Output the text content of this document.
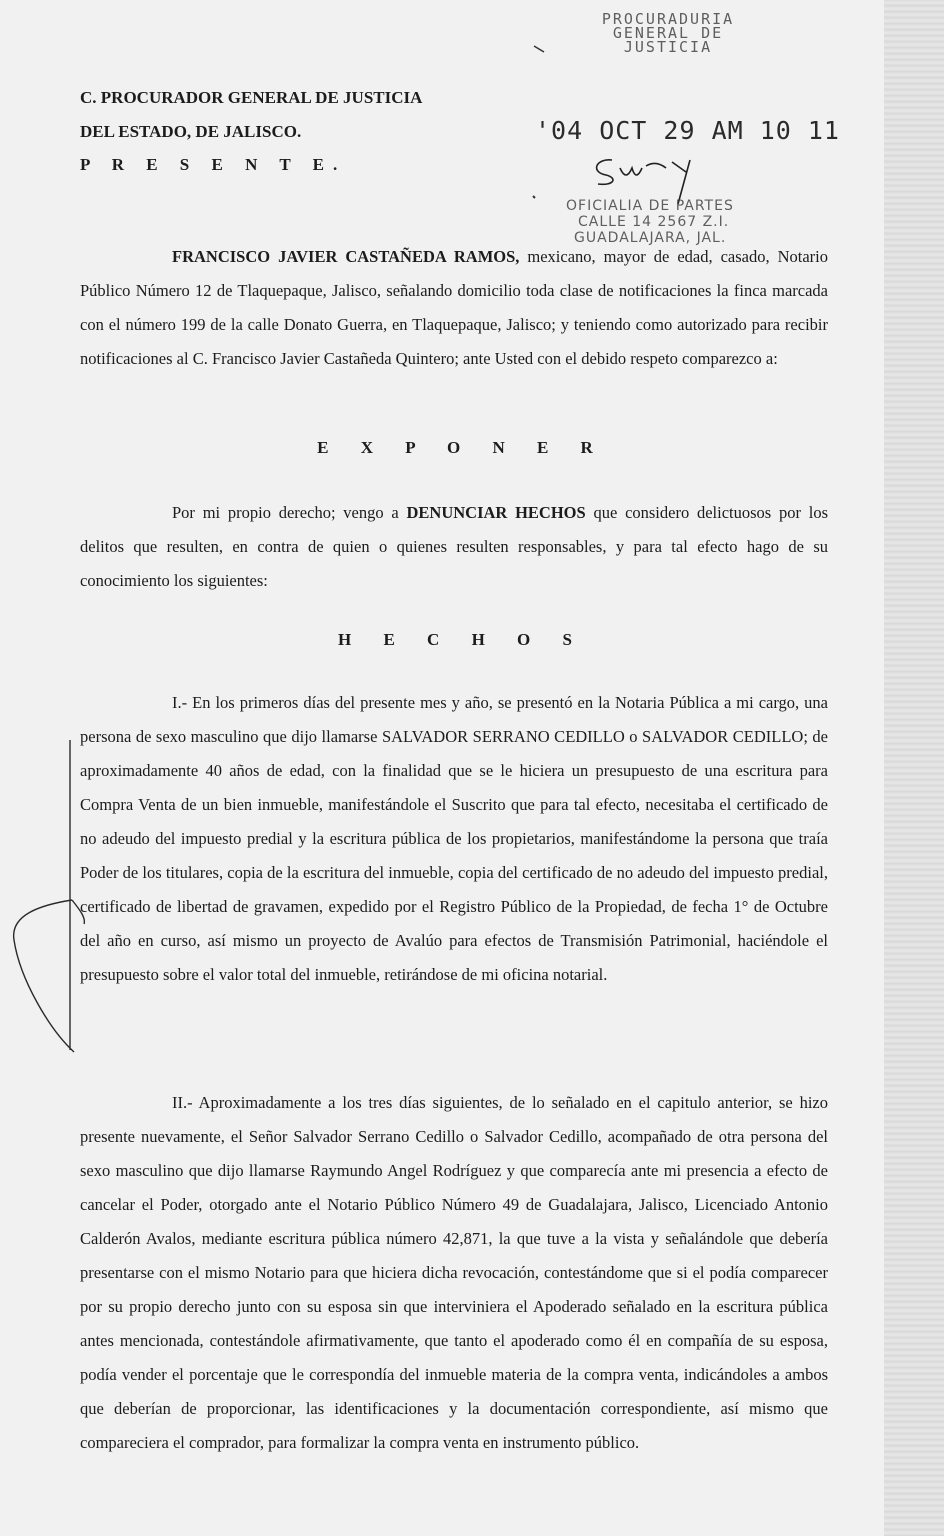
PROCURADURIA
GENERAL DE
JUSTICIA
C. PROCURADOR GENERAL DE JUSTICIA
DEL ESTADO, DE JALISCO.
P R E S E N T E.
'04 OCT 29 AM 10 11
OFICIALIA DE PARTES
CALLE 14 2567 Z.I.
GUADALAJARA, JAL.
FRANCISCO JAVIER CASTAÑEDA RAMOS, mexicano, mayor de edad, casado, Notario Público Número 12 de Tlaquepaque, Jalisco, señalando domicilio toda clase de notificaciones la finca marcada con el número 199 de la calle Donato Guerra, en Tlaquepaque, Jalisco; y teniendo como autorizado para recibir notificaciones al C. Francisco Javier Castañeda Quintero; ante Usted con el debido respeto comparezco a:
E X P O N E R
Por mi propio derecho; vengo a DENUNCIAR HECHOS que considero delictuosos por los delitos que resulten, en contra de quien o quienes resulten responsables, y para tal efecto hago de su conocimiento los siguientes:
H E C H O S
I.- En los primeros días del presente mes y año, se presentó en la Notaria Pública a mi cargo, una persona de sexo masculino que dijo llamarse SALVADOR SERRANO CEDILLO o SALVADOR CEDILLO; de aproximadamente 40 años de edad, con la finalidad que se le hiciera un presupuesto de una escritura para Compra Venta de un bien inmueble, manifestándole el Suscrito que para tal efecto, necesitaba el certificado de no adeudo del impuesto predial y la escritura pública de los propietarios, manifestándome la persona que traía Poder de los titulares, copia de la escritura del inmueble, copia del certificado de no adeudo del impuesto predial, certificado de libertad de gravamen, expedido por el Registro Público de la Propiedad, de fecha 1° de Octubre del año en curso, así mismo un proyecto de Avalúo para efectos de Transmisión Patrimonial, haciéndole el presupuesto sobre el valor total del inmueble, retirándose de mi oficina notarial.
II.- Aproximadamente a los tres días siguientes, de lo señalado en el capitulo anterior, se hizo presente nuevamente, el Señor Salvador Serrano Cedillo o Salvador Cedillo, acompañado de otra persona del sexo masculino que dijo llamarse Raymundo Angel Rodríguez y que comparecía ante mi presencia a efecto de cancelar el Poder, otorgado ante el Notario Público Número 49 de Guadalajara, Jalisco, Licenciado Antonio Calderón Avalos, mediante escritura pública número 42,871, la que tuve a la vista y señalándole que debería presentarse con el mismo Notario para que hiciera dicha revocación, contestándome que si el podía comparecer por su propio derecho junto con su esposa sin que interviniera el Apoderado señalado en la escritura pública antes mencionada, contestándole afirmativamente, que tanto el apoderado como él en compañía de su esposa, podía vender el porcentaje que le correspondía del inmueble materia de la compra venta, indicándoles a ambos que deberían de proporcionar, las identificaciones y la documentación correspondiente, así mismo que compareciera el comprador, para formalizar la compra venta en instrumento público.
